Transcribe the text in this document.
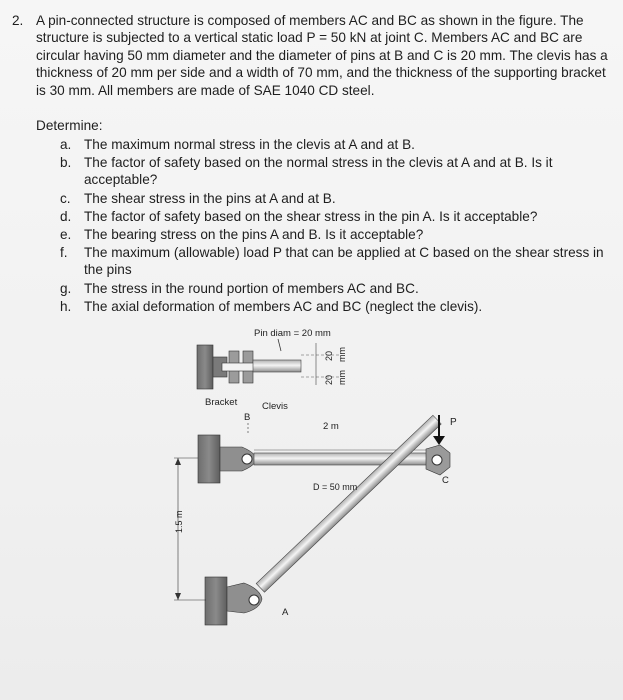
2. A pin-connected structure is composed of members AC and BC as shown in the figure. The structure is subjected to a vertical static load P = 50 kN at joint C. Members AC and BC are circular having 50 mm diameter and the diameter of pins at B and C is 20 mm. The clevis has a thickness of 20 mm per side and a width of 70 mm, and the thickness of the supporting bracket is 30 mm. All members are made of SAE 1040 CD steel.
Determine:
a. The maximum normal stress in the clevis at A and at B.
b. The factor of safety based on the normal stress in the clevis at A and at B. Is it acceptable?
c. The shear stress in the pins at A and at B.
d. The factor of safety based on the shear stress in the pin A. Is it acceptable?
e. The bearing stress on the pins A and B. Is it acceptable?
f. The maximum (allowable) load P that can be applied at C based on the shear stress in the pins
g. The stress in the round portion of members AC and BC.
h. The axial deformation of members AC and BC (neglect the clevis).
Pin diam = 20 mm
20
20
mm
mm
Bracket	Clevis
B
2 m	P
C
D = 50 mm
A
1.5 m
